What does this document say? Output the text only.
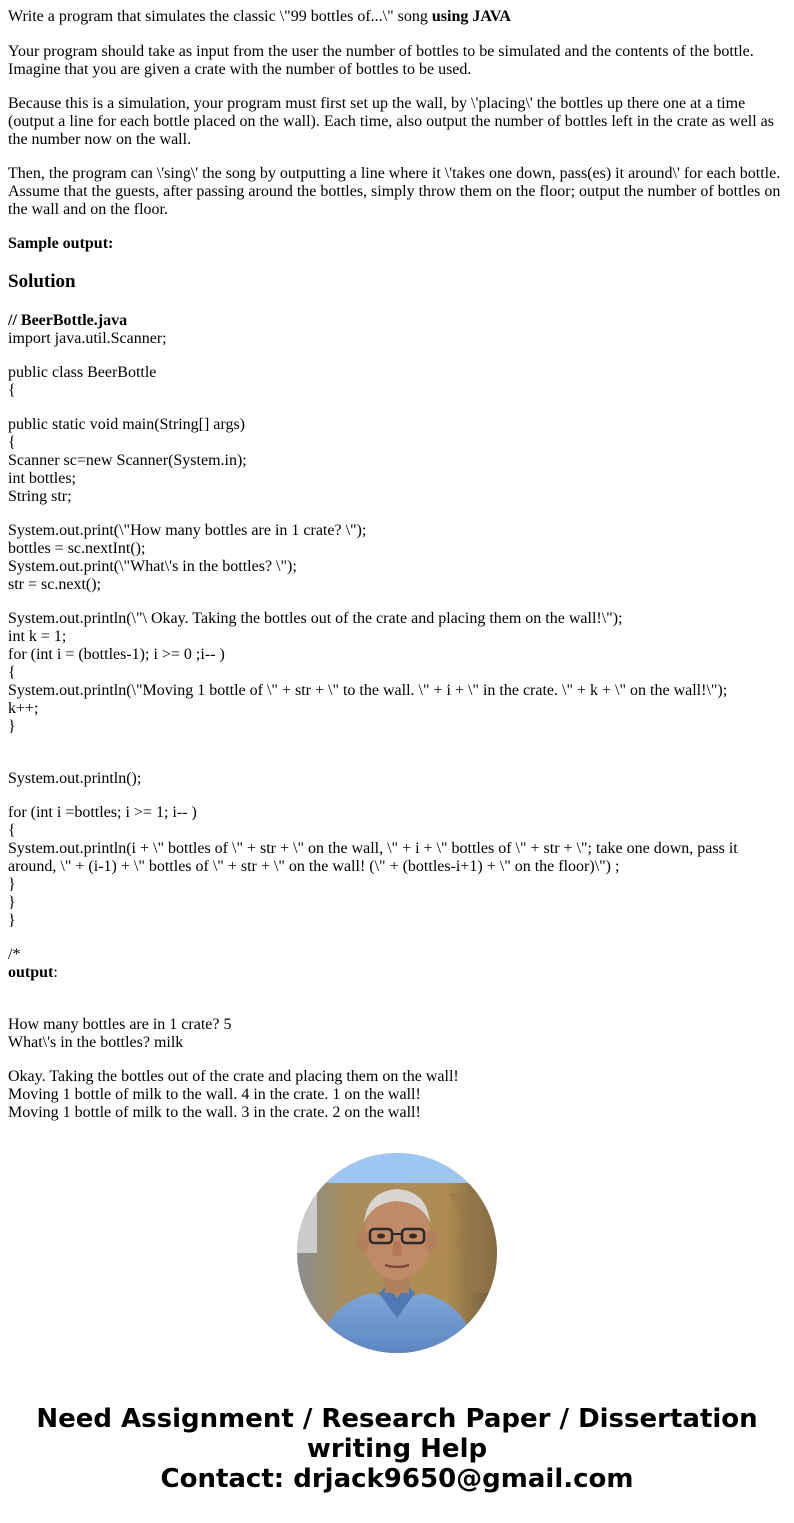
Write a program that simulates the classic \"99 bottles of...\" song using JAVA
Your program should take as input from the user the number of bottles to be simulated and the contents of the bottle. Imagine that you are given a crate with the number of bottles to be used.
Because this is a simulation, your program must first set up the wall, by \'placing\' the bottles up there one at a time (output a line for each bottle placed on the wall). Each time, also output the number of bottles left in the crate as well as the number now on the wall.
Then, the program can \'sing\' the song by outputting a line where it \'takes one down, pass(es) it around\' for each bottle. Assume that the guests, after passing around the bottles, simply throw them on the floor; output the number of bottles on the wall and on the floor.
Sample output:
Solution
// BeerBottle.java
import java.util.Scanner;
public class BeerBottle
{
public static void main(String[] args)
{
Scanner sc=new Scanner(System.in);
int bottles;
String str;
System.out.print(\"How many bottles are in 1 crate? \");
bottles = sc.nextInt();
System.out.print(\"What\'s in the bottles? \");
str = sc.next();
System.out.println(\"\ Okay. Taking the bottles out of the crate and placing them on the wall!\");
int k = 1;
for (int i = (bottles-1); i >= 0 ;i-- )
{
System.out.println(\"Moving 1 bottle of \" + str + \" to the wall. \" + i + \" in the crate. \" + k + \" on the wall!\");
k++;
}
System.out.println();
for (int i =bottles; i >= 1; i-- )
{
System.out.println(i + \" bottles of \" + str + \" on the wall, \" + i + \" bottles of \" + str + \"; take one down, pass it around, \" + (i-1) + \" bottles of \" + str + \" on the wall! (\" + (bottles-i+1) + \" on the floor)\") ;
}
}
}
/*
output:
How many bottles are in 1 crate? 5
What\'s in the bottles? milk
Okay. Taking the bottles out of the crate and placing them on the wall!
Moving 1 bottle of milk to the wall. 4 in the crate. 1 on the wall!
Moving 1 bottle of milk to the wall. 3 in the crate. 2 on the wall!
Need Assignment / Research Paper / Dissertation
writing Help
Contact: drjack9650@gmail.com
